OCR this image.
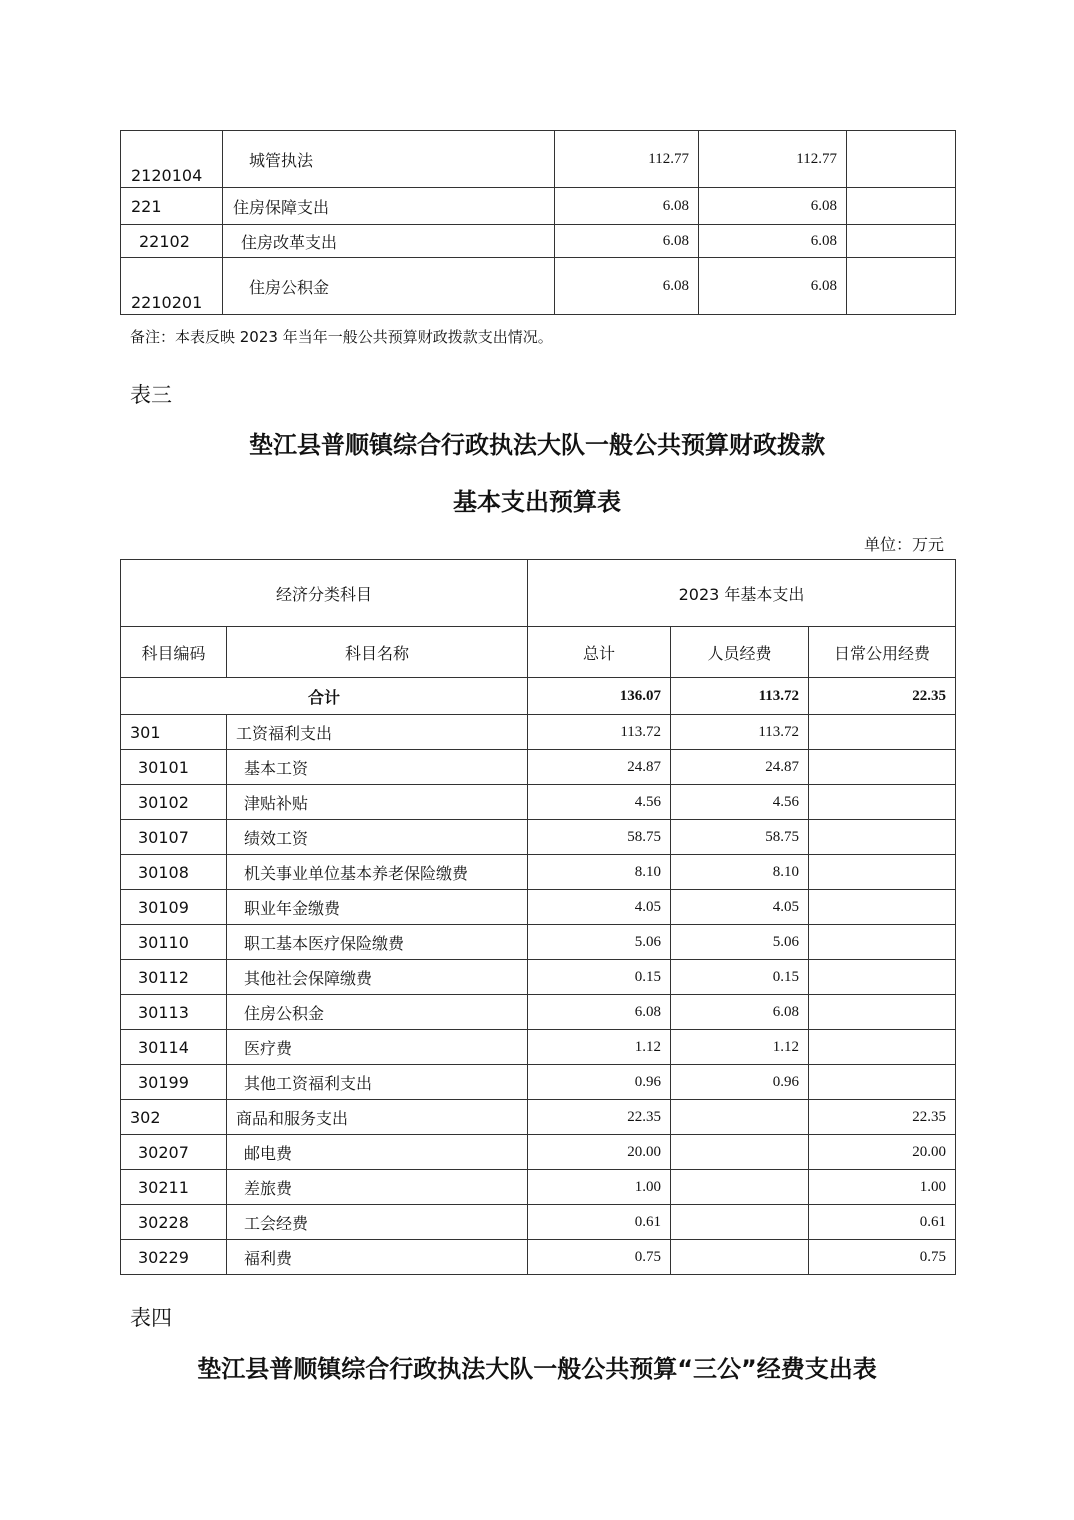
2120104	城管执法	112.77	112.77	
221	住房保障支出	6.08	6.08	
22102	住房改革支出	6.08	6.08	
2210201	住房公积金	6.08	6.08	
备注：本表反映 2023 年当年一般公共预算财政拨款支出情况。
表三
垫江县普顺镇综合行政执法大队一般公共预算财政拨款
基本支出预算表
单位：万元
经济分类科目		2023 年基本支出		
科目编码	科目名称	总计	人员经费	日常公用经费
合计		136.07	113.72	22.35
301	工资福利支出	113.72	113.72	
30101	基本工资	24.87	24.87	
30102	津贴补贴	4.56	4.56	
30107	绩效工资	58.75	58.75	
30108	机关事业单位基本养老保险缴费	8.10	8.10	
30109	职业年金缴费	4.05	4.05	
30110	职工基本医疗保险缴费	5.06	5.06	
30112	其他社会保障缴费	0.15	0.15	
30113	住房公积金	6.08	6.08	
30114	医疗费	1.12	1.12	
30199	其他工资福利支出	0.96	0.96	
302	商品和服务支出	22.35		22.35
30207	邮电费	20.00		20.00
30211	差旅费	1.00		1.00
30228	工会经费	0.61		0.61
30229	福利费	0.75		0.75
表四
垫江县普顺镇综合行政执法大队一般公共预算“三公”经费支出表
